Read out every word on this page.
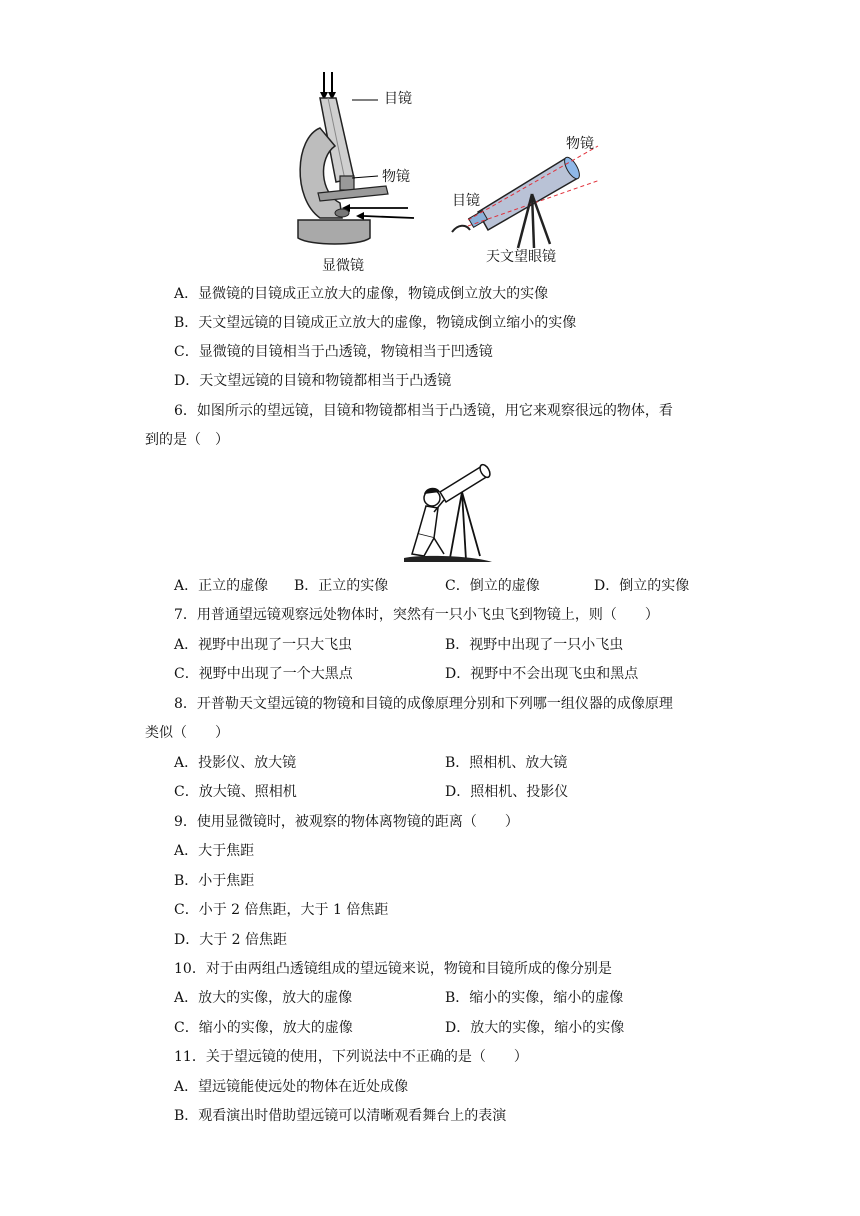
目镜
物镜
显微镜
物镜
目镜
天文望眼镜
A．显微镜的目镜成正立放大的虚像，物镜成倒立放大的实像
B．天文望远镜的目镜成正立放大的虚像，物镜成倒立缩小的实像
C．显微镜的目镜相当于凸透镜，物镜相当于凹透镜
D．天文望远镜的目镜和物镜都相当于凸透镜
6．如图所示的望远镜，目镜和物镜都相当于凸透镜，用它来观察很远的物体，看
到的是（　）
A．正立的虚像 B．正立的实像	C．倒立的虚像	D．倒立的实像
7．用普通望远镜观察远处物体时，突然有一只小飞虫飞到物镜上，则（　　）
A．视野中出现了一只大飞虫	B．视野中出现了一只小飞虫
C．视野中出现了一个大黑点	D．视野中不会出现飞虫和黑点
8．开普勒天文望远镜的物镜和目镜的成像原理分别和下列哪一组仪器的成像原理
类似（　　）
A．投影仪、放大镜	B．照相机、放大镜
C．放大镜、照相机	D．照相机、投影仪
9．使用显微镜时，被观察的物体离物镜的距离（　　）
A．大于焦距
B．小于焦距
C．小于 2 倍焦距，大于 1 倍焦距
D．大于 2 倍焦距
10．对于由两组凸透镜组成的望远镜来说，物镜和目镜所成的像分别是
A．放大的实像，放大的虚像	B．缩小的实像，缩小的虚像
C．缩小的实像，放大的虚像	D．放大的实像，缩小的实像
11．关于望远镜的使用，下列说法中不正确的是（　　）
A．望远镜能使远处的物体在近处成像
B．观看演出时借助望远镜可以清晰观看舞台上的表演
